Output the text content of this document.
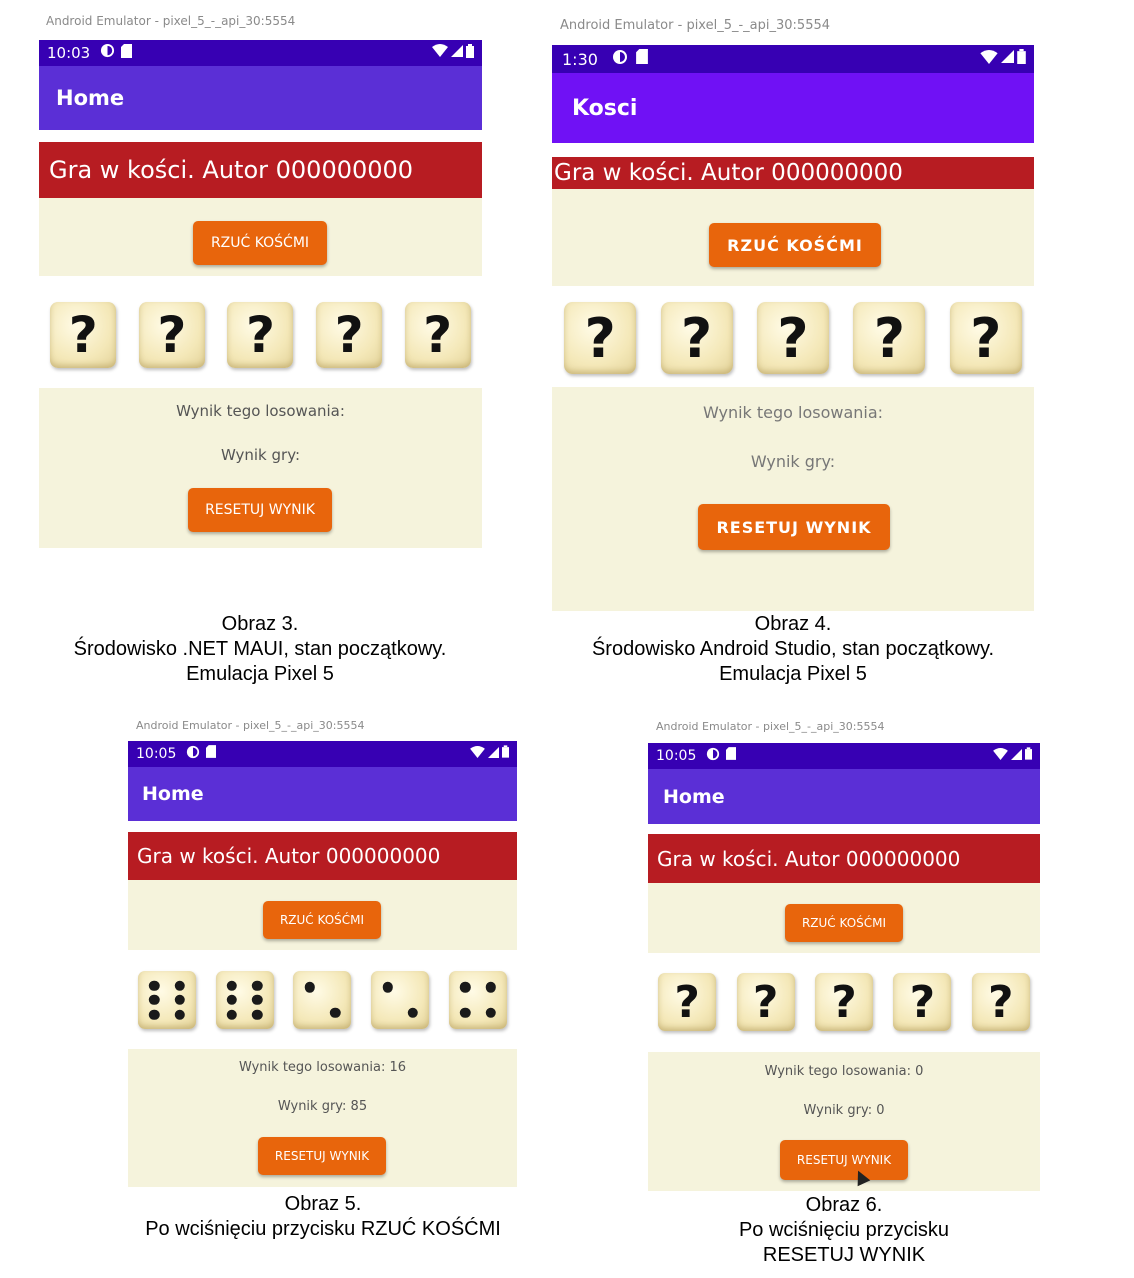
Android Emulator - pixel_5_-_api_30:5554
10:03
Home
Gra w kości. Autor 000000000
RZUĆ KOŚĆMI
?	?	?	?	?
Wynik tego losowania:
Wynik gry:
RESETUJ WYNIK
Obraz 3.
Środowisko .NET MAUI, stan początkowy.
Emulacja Pixel 5
Android Emulator - pixel_5_-_api_30:5554
1:30
Kosci
Gra w kości. Autor 000000000
RZUĆ KOŚĆMI
?	?	?	?	?
Wynik tego losowania:
Wynik gry:
RESETUJ WYNIK
Obraz 4.
Środowisko Android Studio, stan początkowy.
Emulacja Pixel 5
Android Emulator - pixel_5_-_api_30:5554
10:05
Home
Gra w kości. Autor 000000000
RZUĆ KOŚĆMI
Wynik tego losowania: 16
Wynik gry: 85
RESETUJ WYNIK
Obraz 5.
Po wciśnięciu przycisku RZUĆ KOŚĆMI
Android Emulator - pixel_5_-_api_30:5554
10:05
Home
Gra w kości. Autor 000000000
RZUĆ KOŚĆMI
?	?	?	?	?
Wynik tego losowania: 0
Wynik gry: 0
RESETUJ WYNIK
Obraz 6.
Po wciśnięciu przycisku
RESETUJ WYNIK
